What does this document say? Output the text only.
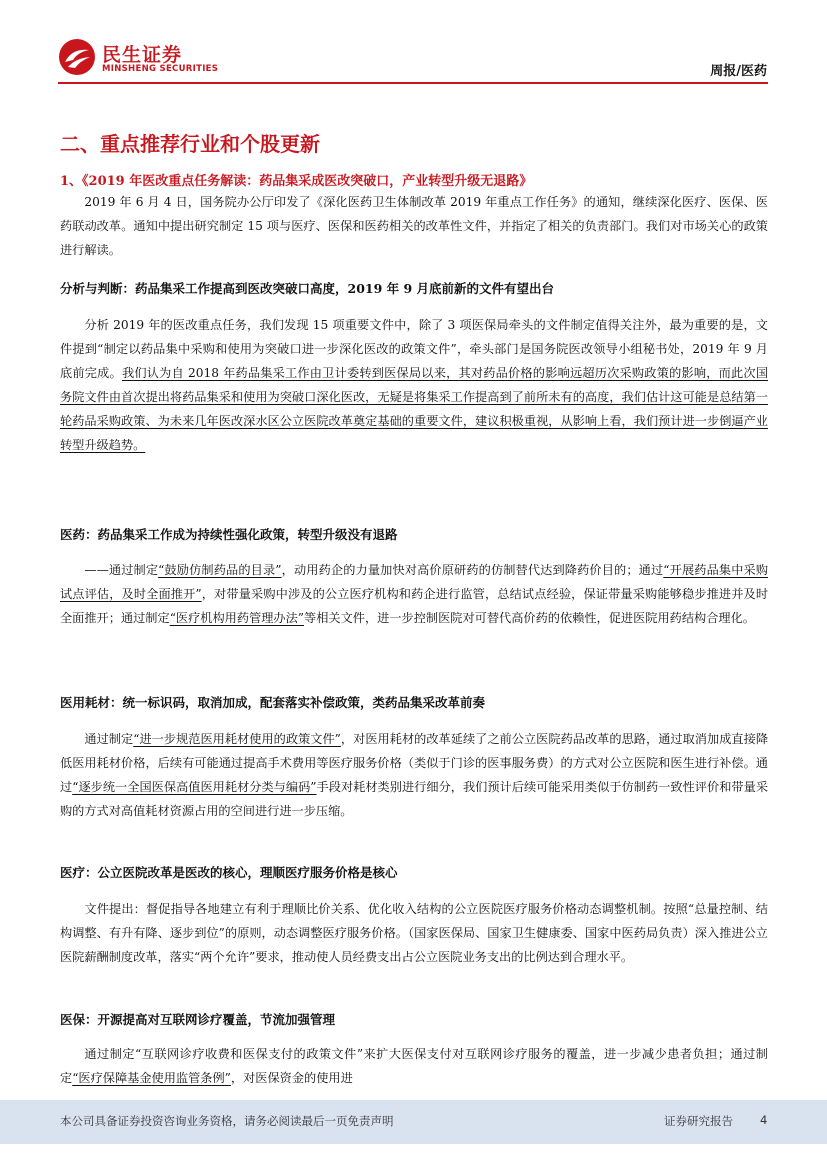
民生证券
MINSHENG SECURITIES	周报/医药
二、重点推荐行业和个股更新
1、《2019 年医改重点任务解读：药品集采成医改突破口，产业转型升级无退路》

2019 年 6 月 4 日，国务院办公厅印发了《深化医药卫生体制改革 2019 年重点工作任务》的通知，继续深化医疗、医保、医药联动改革。通知中提出研究制定 15 项与医疗、医保和医药相关的改革性文件，并指定了相关的负责部门。我们对市场关心的政策进行解读。

分析与判断：药品集采工作提高到医改突破口高度，2019 年 9 月底前新的文件有望出台

分析 2019 年的医改重点任务，我们发现 15 项重要文件中，除了 3 项医保局牵头的文件制定值得关注外，最为重要的是，文件提到“制定以药品集中采购和使用为突破口进一步深化医改的政策文件”，牵头部门是国务院医改领导小组秘书处，2019 年 9 月底前完成。我们认为自 2018 年药品集采工作由卫计委转到医保局以来，其对药品价格的影响远超历次采购政策的影响，而此次国务院文件由首次提出将药品集采和使用为突破口深化医改，无疑是将集采工作提高到了前所未有的高度，我们估计这可能是总结第一轮药品采购政策、为未来几年医改深水区公立医院改革奠定基础的重要文件，建议积极重视，从影响上看，我们预计进一步倒逼产业转型升级趋势。

医药：药品集采工作成为持续性强化政策，转型升级没有退路

——通过制定“鼓励仿制药品的目录”，动用药企的力量加快对高价原研药的仿制替代达到降药价目的；通过“开展药品集中采购试点评估，及时全面推开”，对带量采购中涉及的公立医疗机构和药企进行监管，总结试点经验，保证带量采购能够稳步推进并及时全面推开；通过制定“医疗机构用药管理办法”等相关文件，进一步控制医院对可替代高价药的依赖性，促进医院用药结构合理化。

医用耗材：统一标识码，取消加成，配套落实补偿政策，类药品集采改革前奏

通过制定“进一步规范医用耗材使用的政策文件”，对医用耗材的改革延续了之前公立医院药品改革的思路，通过取消加成直接降低医用耗材价格，后续有可能通过提高手术费用等医疗服务价格（类似于门诊的医事服务费）的方式对公立医院和医生进行补偿。通过“逐步统一全国医保高值医用耗材分类与编码”手段对耗材类别进行细分，我们预计后续可能采用类似于仿制药一致性评价和带量采购的方式对高值耗材资源占用的空间进行进一步压缩。

医疗：公立医院改革是医改的核心，理顺医疗服务价格是核心

文件提出：督促指导各地建立有利于理顺比价关系、优化收入结构的公立医院医疗服务价格动态调整机制。按照“总量控制、结构调整、有升有降、逐步到位”的原则，动态调整医疗服务价格。（国家医保局、国家卫生健康委、国家中医药局负责）深入推进公立医院薪酬制度改革，落实“两个允许”要求，推动使人员经费支出占公立医院业务支出的比例达到合理水平。

医保：开源提高对互联网诊疗覆盖，节流加强管理

通过制定“互联网诊疗收费和医保支付的政策文件”来扩大医保支付对互联网诊疗服务的覆盖，进一步减少患者负担；通过制定“医疗保障基金使用监管条例”，对医保资金的使用进

本公司具备证券投资咨询业务资格，请务必阅读最后一页免责声明	证券研究报告 4
